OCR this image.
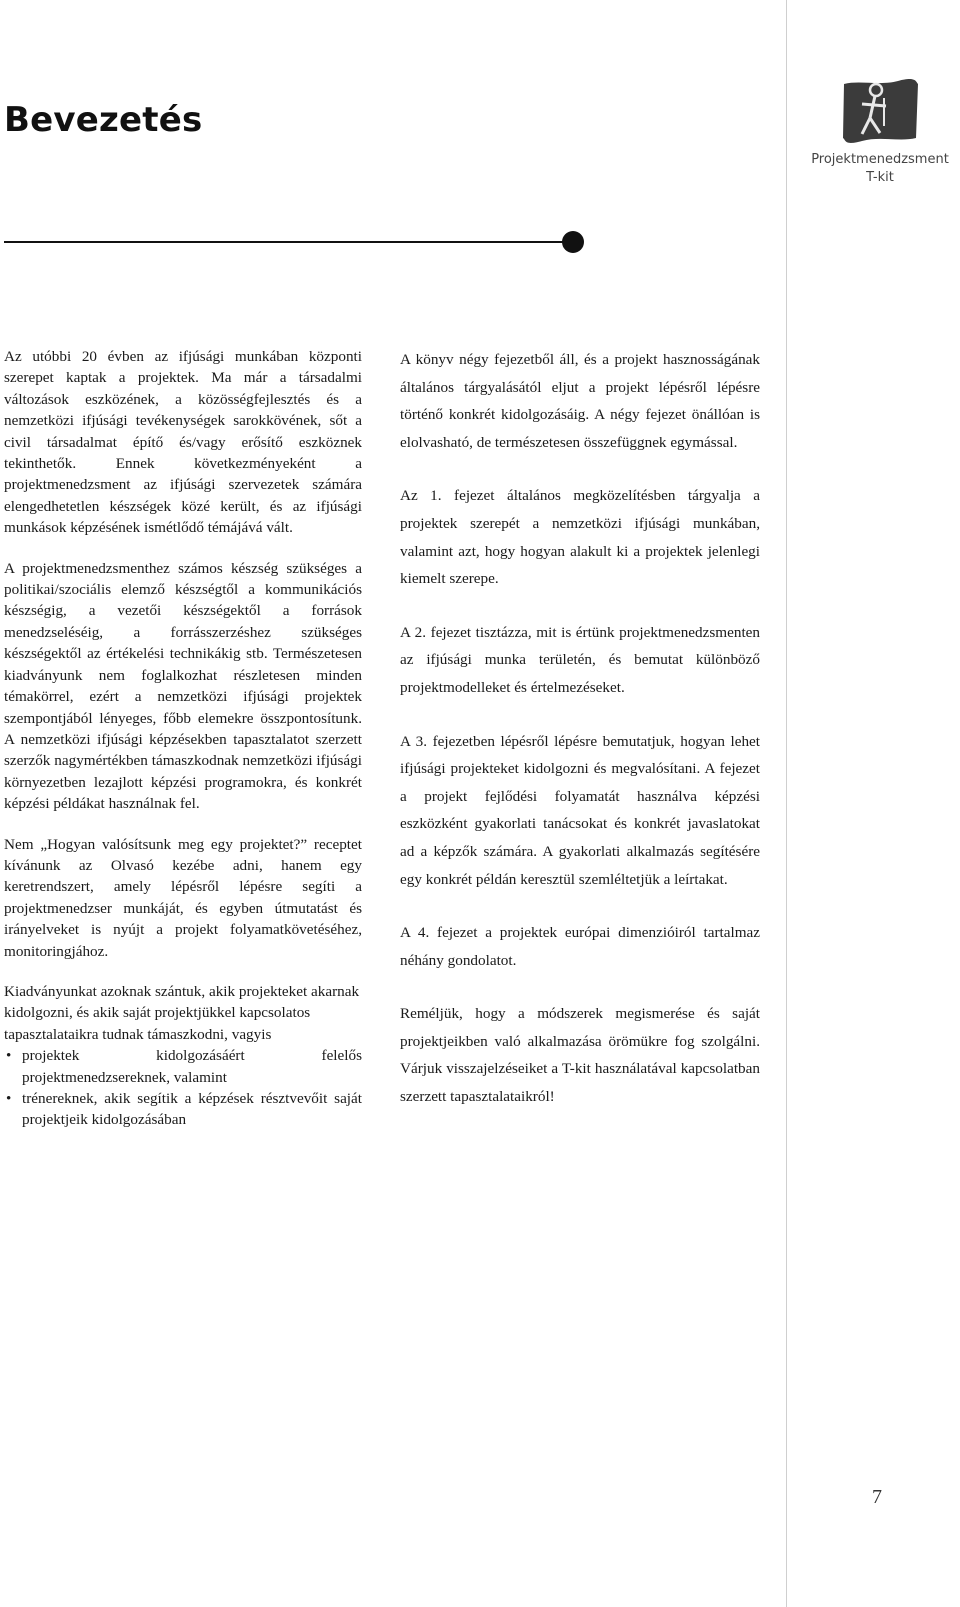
Projektmenedzsment
T-kit
Bevezetés

Az utóbbi 20 évben az ifjúsági munkában központi szerepet kaptak a projektek. Ma már a társadalmi változások eszközének, a közösségfejlesztés és a nemzetközi ifjúsági tevékenységek sarokkövének, sőt a civil társadalmat építő és/vagy erősítő eszköznek tekinthetők. Ennek következményeként a projektmenedzsment az ifjúsági szervezetek számára elengedhetetlen készségek közé került, és az ifjúsági munkások képzésének ismétlődő témájává vált.

A projektmenedzsmenthez számos készség szükséges a politikai/szociális elemző készségtől a kommunikációs készségig, a vezetői készségektől a források menedzseléséig, a forrásszerzéshez szükséges készségektől az értékelési technikákig stb. Természetesen kiadványunk nem foglalkozhat részletesen minden témakörrel, ezért a nemzetközi ifjúsági projektek szempontjából lényeges, főbb elemekre összpontosítunk. A nemzetközi ifjúsági képzésekben tapasztalatot szerzett szerzők nagymértékben támaszkodnak nemzetközi ifjúsági környezetben lezajlott képzési programokra, és konkrét képzési példákat használnak fel.

Nem „Hogyan valósítsunk meg egy projektet?” receptet kívánunk az Olvasó kezébe adni, hanem egy keretrendszert, amely lépésről lépésre segíti a projektmenedzser munkáját, és egyben útmutatást és irányelveket is nyújt a projekt folyamatkövetéséhez, monitoringjához.

Kiadványunkat azoknak szántuk, akik projekteket akarnak kidolgozni, és akik saját projektjükkel kapcsolatos tapasztalataikra tudnak támaszkodni, vagyis

• projektek kidolgozásáért felelős projektmenedzsereknek, valamint
• trénereknek, akik segítik a képzések résztvevőit saját projektjeik kidolgozásában

A könyv négy fejezetből áll, és a projekt hasznosságának általános tárgyalásától eljut a projekt lépésről lépésre történő konkrét kidolgozásáig. A négy fejezet önállóan is elolvasható, de természetesen összefüggnek egymással.

Az 1. fejezet általános megközelítésben tárgyalja a projektek szerepét a nemzetközi ifjúsági munkában, valamint azt, hogy hogyan alakult ki a projektek jelenlegi kiemelt szerepe.

A 2. fejezet tisztázza, mit is értünk projektmenedzsmenten az ifjúsági munka területén, és bemutat különböző projektmodelleket és értelmezéseket.

A 3. fejezetben lépésről lépésre bemutatjuk, hogyan lehet ifjúsági projekteket kidolgozni és megvalósítani. A fejezet a projekt fejlődési folyamatát használva képzési eszközként gyakorlati tanácsokat és konkrét javaslatokat ad a képzők számára. A gyakorlati alkalmazás segítésére egy konkrét példán keresztül szemléltetjük a leírtakat.

A 4. fejezet a projektek európai dimenzióiról tartalmaz néhány gondolatot.

Reméljük, hogy a módszerek megismerése és saját projektjeikben való alkalmazása örömükre fog szolgálni. Várjuk visszajelzéseiket a T-kit használatával kapcsolatban szerzett tapasztalataikról!

7
